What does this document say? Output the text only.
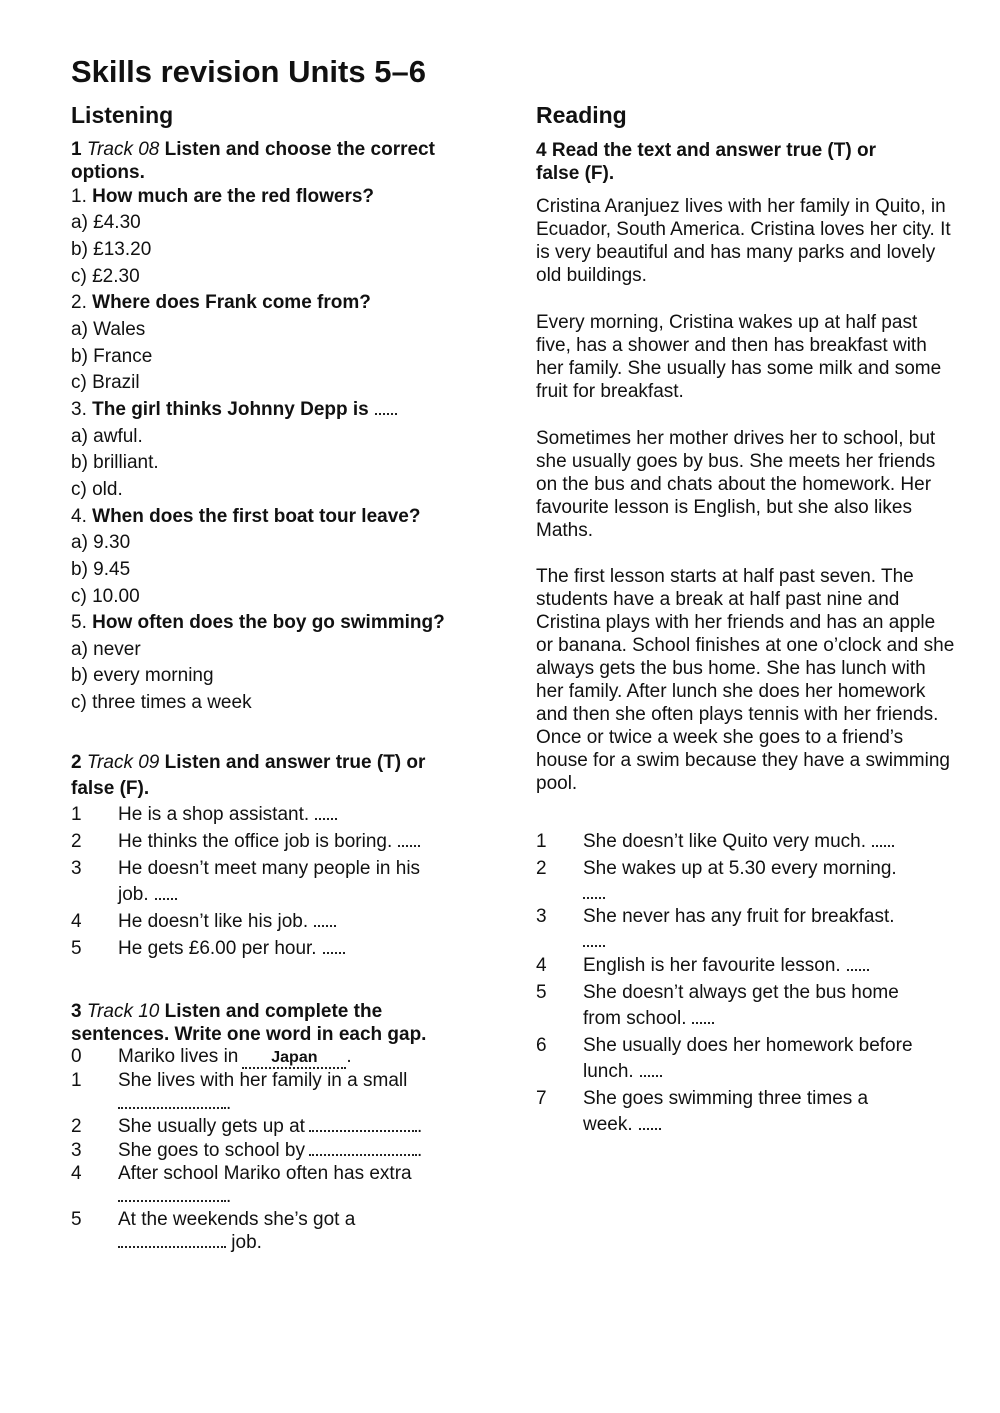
Skills revision Units 5–6
Listening
1 Track 08 Listen and choose the correct
options.
1. How much are the red flowers?
a) £4.30
b) £13.20
c) £2.30
2. Where does Frank come from?
a) Wales
b) France
c) Brazil
3. The girl thinks Johnny Depp is
a) awful.
b) brilliant.
c) old.
4. When does the first boat tour leave?
a) 9.30
b) 9.45
c) 10.00
5. How often does the boy go swimming?
a) never
b) every morning
c) three times a week
2 Track 09 Listen and answer true (T) or
false (F).
1 He is a shop assistant.
2 He thinks the office job is boring.
3 He doesn’t meet many people in his
job.
4 He doesn’t like his job.
5 He gets £6.00 per hour.
3 Track 10 Listen and complete the
sentences. Write one word in each gap.
0 Mariko lives in Japan .
1 She lives with her family in a small
.
2 She usually gets up at	.
3 She goes to school by	.
4 After school Mariko often has extra
.
5 At the weekends she’s got a
job.
Reading
4 Read the text and answer true (T) or
false (F).

Cristina Aranjuez lives with her family in Quito, in Ecuador, South America. Cristina loves her city. It is very beautiful and has many parks and lovely old buildings.

Every morning, Cristina wakes up at half past five, has a shower and then has breakfast with her family. She usually has some milk and some fruit for breakfast.

Sometimes her mother drives her to school, but she usually goes by bus. She meets her friends on the bus and chats about the homework. Her favourite lesson is English, but she also likes Maths.

The first lesson starts at half past seven. The students have a break at half past nine and Cristina plays with her friends and has an apple or banana. School finishes at one o’clock and she always gets the bus home. She has lunch with her family. After lunch she does her homework and then she often plays tennis with her friends. Once or twice a week she goes to a friend’s house for a swim because they have a swimming pool.

1 She doesn’t like Quito very much.
2 She wakes up at 5.30 every morning.

3 She never has any fruit for breakfast.

4 English is her favourite lesson.
5 She doesn’t always get the bus home
from school.
6 She usually does her homework before
lunch.
7 She goes swimming three times a
week.
